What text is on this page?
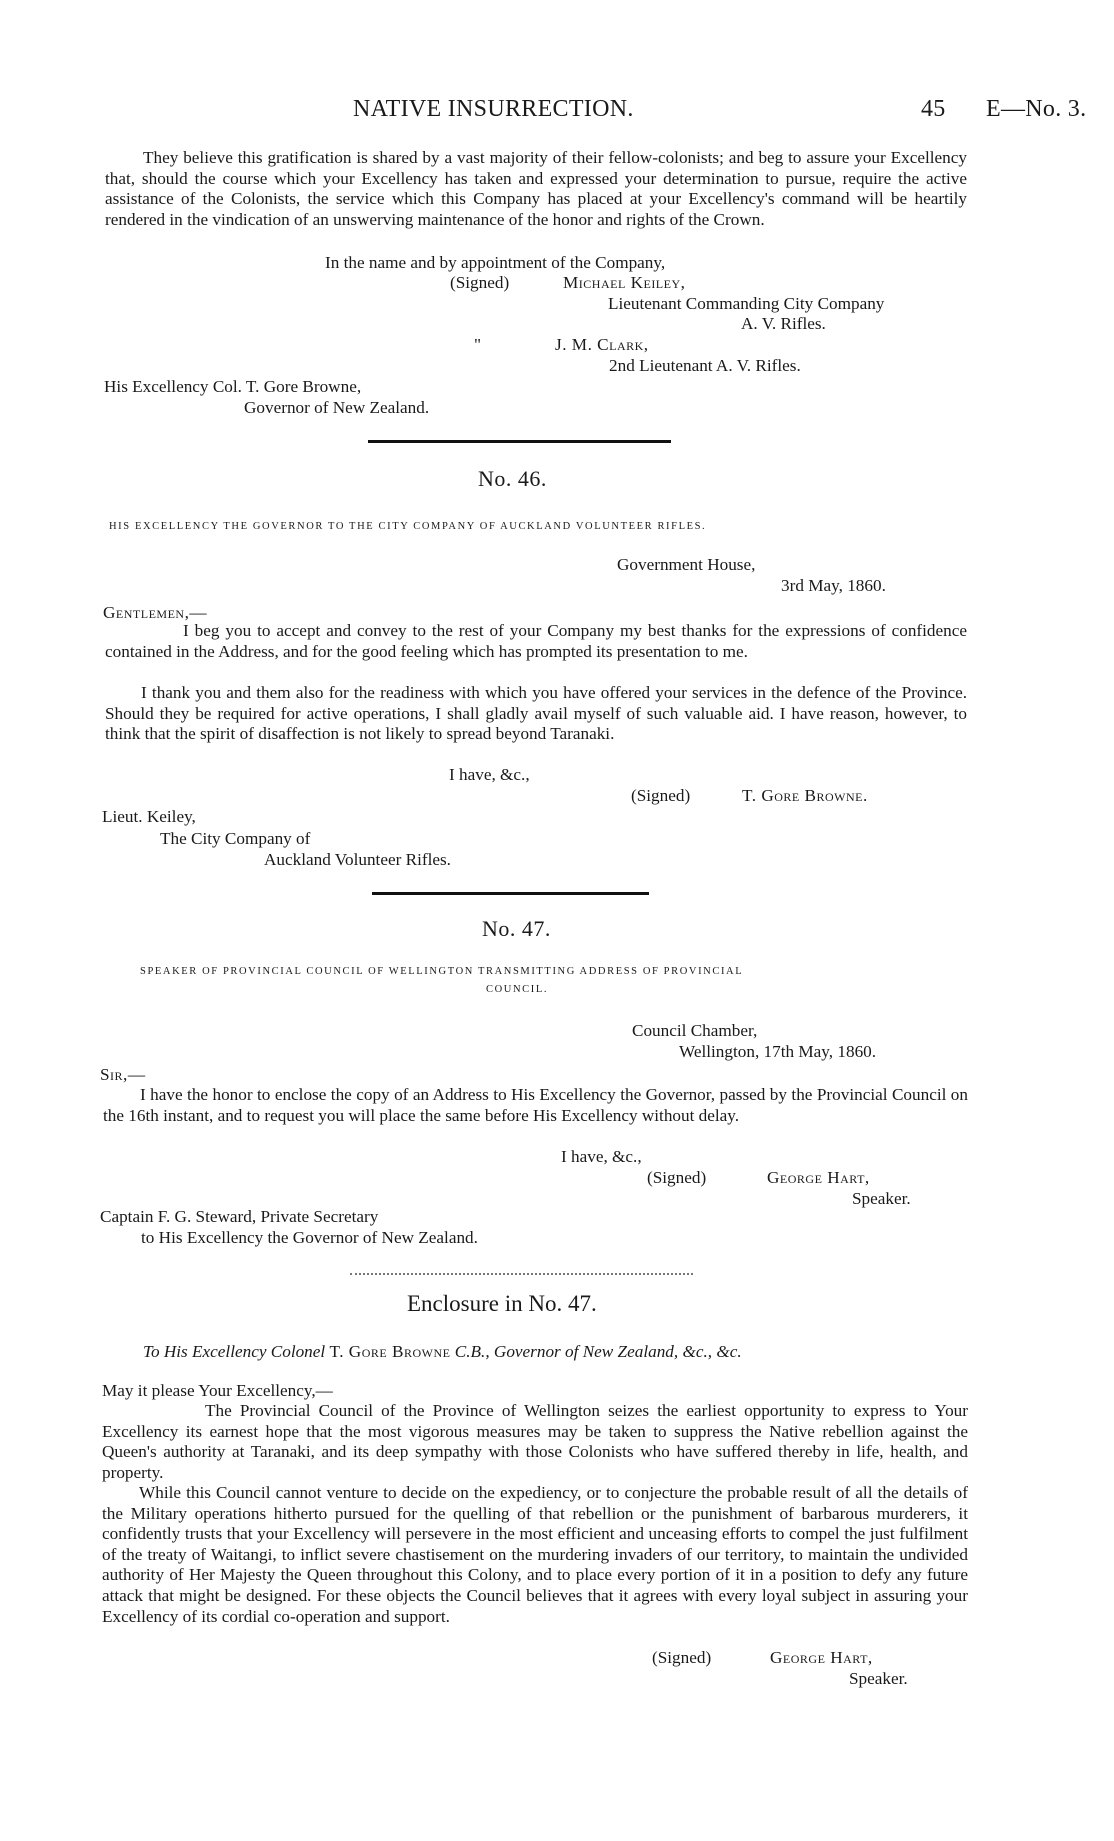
NATIVE INSURRECTION.	45 E—No. 3.

They believe this gratification is shared by a vast majority of their fellow-colonists; and beg to assure your Excellency that, should the course which your Excellency has taken and expressed your determination to pursue, require the active assistance of the Colonists, the service which this Company has placed at your Excellency's command will be heartily rendered in the vindication of an unswerving maintenance of the honor and rights of the Crown.

In the name and by appointment of the Company,
(Signed)	Michael Keiley,
Lieutenant Commanding City Company
A. V. Rifles.
"	J. M. Clark,
2nd Lieutenant A. V. Rifles.
His Excellency Col. T. Gore Browne,
Governor of New Zealand.
No. 46.
HIS EXCELLENCY THE GOVERNOR TO THE CITY COMPANY OF AUCKLAND VOLUNTEER RIFLES.
Government House,
3rd May, 1860.
Gentlemen,—

I beg you to accept and convey to the rest of your Company my best thanks for the expressions of confidence contained in the Address, and for the good feeling which has prompted its presentation to me.

I thank you and them also for the readiness with which you have offered your services in the defence of the Province. Should they be required for active operations, I shall gladly avail myself of such valuable aid. I have reason, however, to think that the spirit of disaffection is not likely to spread beyond Taranaki.

I have, &c.,
(Signed)	T. Gore Browne.
Lieut. Keiley,
The City Company of
Auckland Volunteer Rifles.
No. 47.
SPEAKER OF PROVINCIAL COUNCIL OF WELLINGTON TRANSMITTING ADDRESS OF PROVINCIAL
COUNCIL.
Council Chamber,
Wellington, 17th May, 1860.
Sir,—

I have the honor to enclose the copy of an Address to His Excellency the Governor, passed by the Provincial Council on the 16th instant, and to request you will place the same before His Excellency without delay.

I have, &c.,
(Signed)	George Hart,
Speaker.
Captain F. G. Steward, Private Secretary
to His Excellency the Governor of New Zealand.
Enclosure in No. 47.
To His Excellency Colonel T. Gore Browne C.B., Governor of New Zealand, &c., &c.
May it please Your Excellency,—

The Provincial Council of the Province of Wellington seizes the earliest opportunity to express to Your Excellency its earnest hope that the most vigorous measures may be taken to suppress the Native rebellion against the Queen's authority at Taranaki, and its deep sympathy with those Colonists who have suffered thereby in life, health, and property.

While this Council cannot venture to decide on the expediency, or to conjecture the probable result of all the details of the Military operations hitherto pursued for the quelling of that rebellion or the punishment of barbarous murderers, it confidently trusts that your Excellency will persevere in the most efficient and unceasing efforts to compel the just fulfilment of the treaty of Waitangi, to inflict severe chastisement on the murdering invaders of our territory, to maintain the undivided authority of Her Majesty the Queen throughout this Colony, and to place every portion of it in a position to defy any future attack that might be designed. For these objects the Council believes that it agrees with every loyal subject in assuring your Excellency of its cordial co-operation and support.

(Signed)	George Hart,
Speaker.
